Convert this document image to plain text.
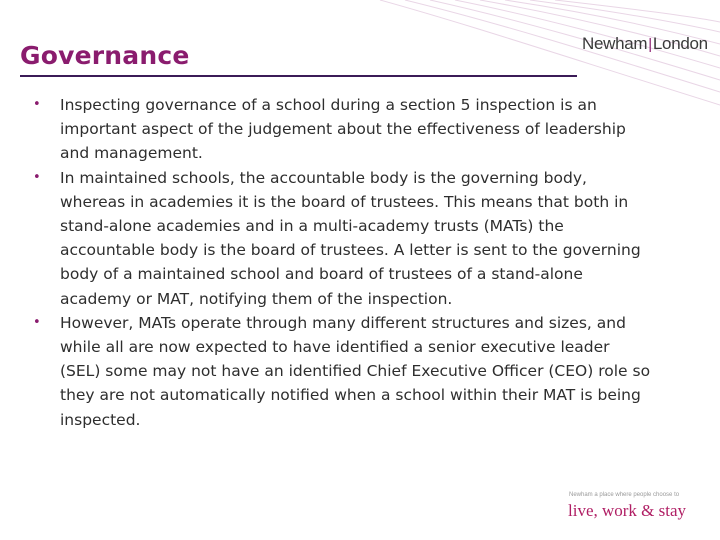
Newham|London
Governance
• Inspecting governance of a school during a section 5 inspection is an important aspect of the judgement about the effectiveness of leadership and management.
• In maintained schools, the accountable body is the governing body, whereas in academies it is the board of trustees. This means that both in stand-alone academies and in a multi-academy trusts (MATs) the accountable body is the board of trustees. A letter is sent to the governing body of a maintained school and board of trustees of a stand-alone academy or MAT, notifying them of the inspection.
• However, MATs operate through many different structures and sizes, and while all are now expected to have identified a senior executive leader (SEL) some may not have an identified Chief Executive Officer (CEO) role so they are not automatically notified when a school within their MAT is being inspected.
Newham a place where people choose to
live, work & stay
